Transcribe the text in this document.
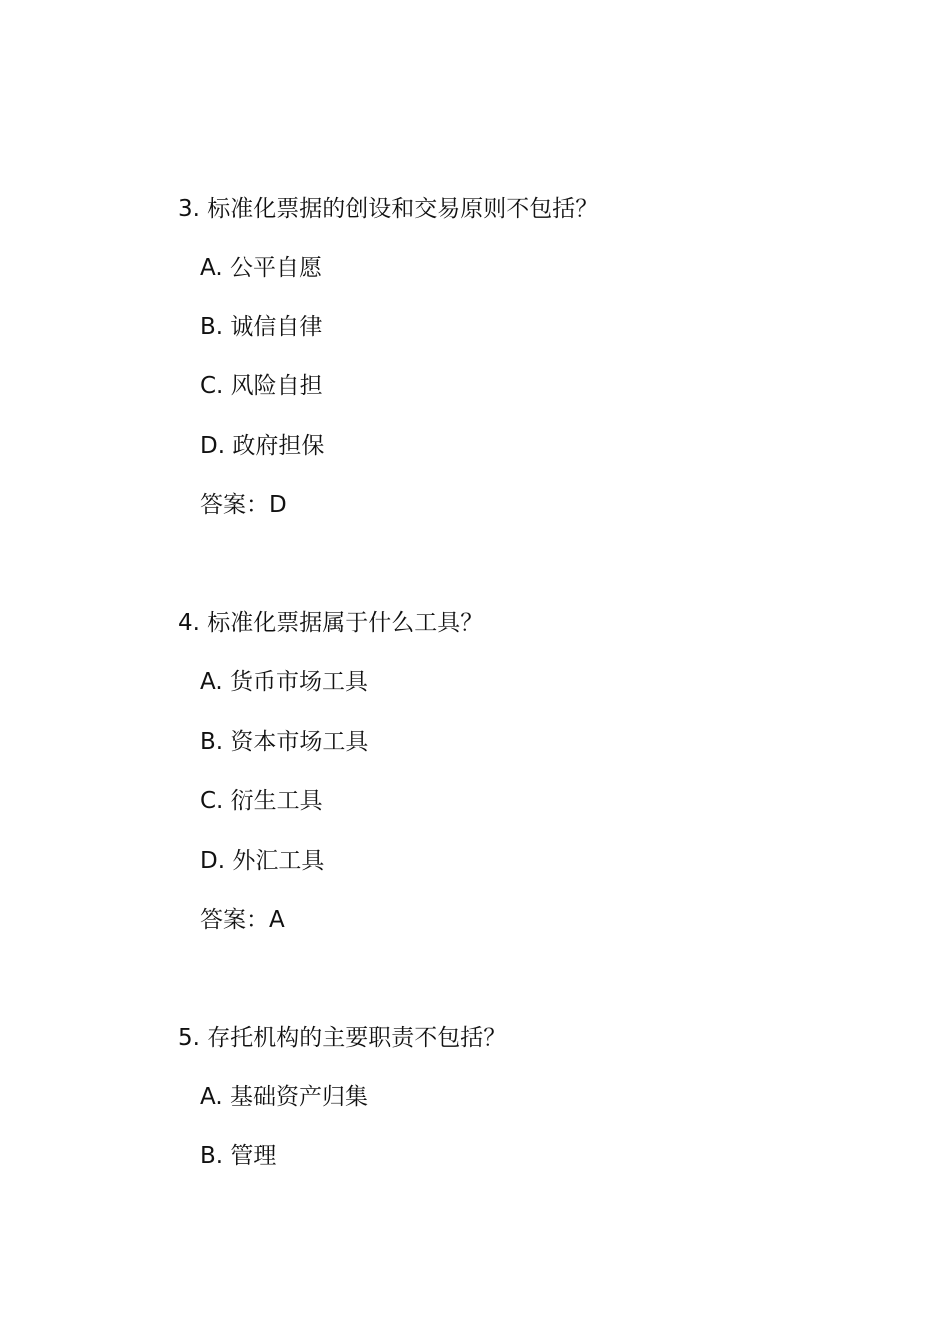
3. 标准化票据的创设和交易原则不包括？

A. 公平自愿

B. 诚信自律

C. 风险自担

D. 政府担保

答案：D

4. 标准化票据属于什么工具？

A. 货币市场工具

B. 资本市场工具

C. 衍生工具

D. 外汇工具

答案：A

5. 存托机构的主要职责不包括？

A. 基础资产归集

B. 管理
